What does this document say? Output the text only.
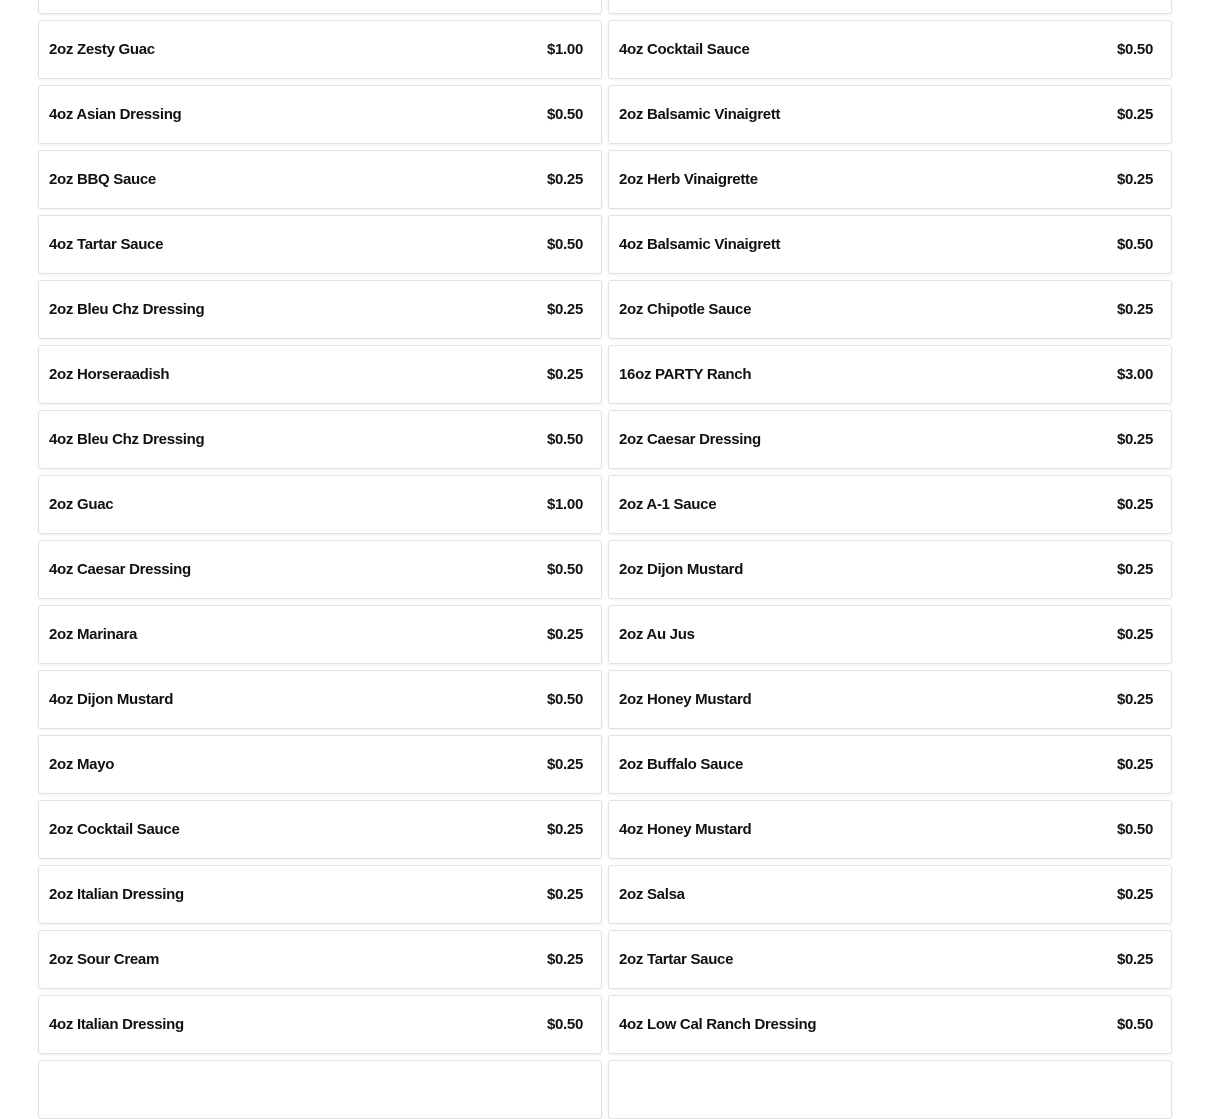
2oz Zesty Guac	$1.00 4oz Cocktail Sauce	$0.50
4oz Asian Dressing	$0.50 2oz Balsamic Vinaigrett	$0.25
2oz BBQ Sauce	$0.25 2oz Herb Vinaigrette	$0.25
4oz Tartar Sauce	$0.50 4oz Balsamic Vinaigrett	$0.50
2oz Bleu Chz Dressing	$0.25 2oz Chipotle Sauce	$0.25
2oz Horseraadish	$0.25 16oz PARTY Ranch	$3.00
4oz Bleu Chz Dressing	$0.50 2oz Caesar Dressing	$0.25
2oz Guac	$1.00 2oz A-1 Sauce	$0.25
4oz Caesar Dressing	$0.50 2oz Dijon Mustard	$0.25
2oz Marinara	$0.25 2oz Au Jus	$0.25
4oz Dijon Mustard	$0.50 2oz Honey Mustard	$0.25
2oz Mayo	$0.25 2oz Buffalo Sauce	$0.25
2oz Cocktail Sauce	$0.25 4oz Honey Mustard	$0.50
2oz Italian Dressing	$0.25 2oz Salsa	$0.25
2oz Sour Cream	$0.25 2oz Tartar Sauce	$0.25
4oz Italian Dressing	$0.50 4oz Low Cal Ranch Dressing	$0.50
